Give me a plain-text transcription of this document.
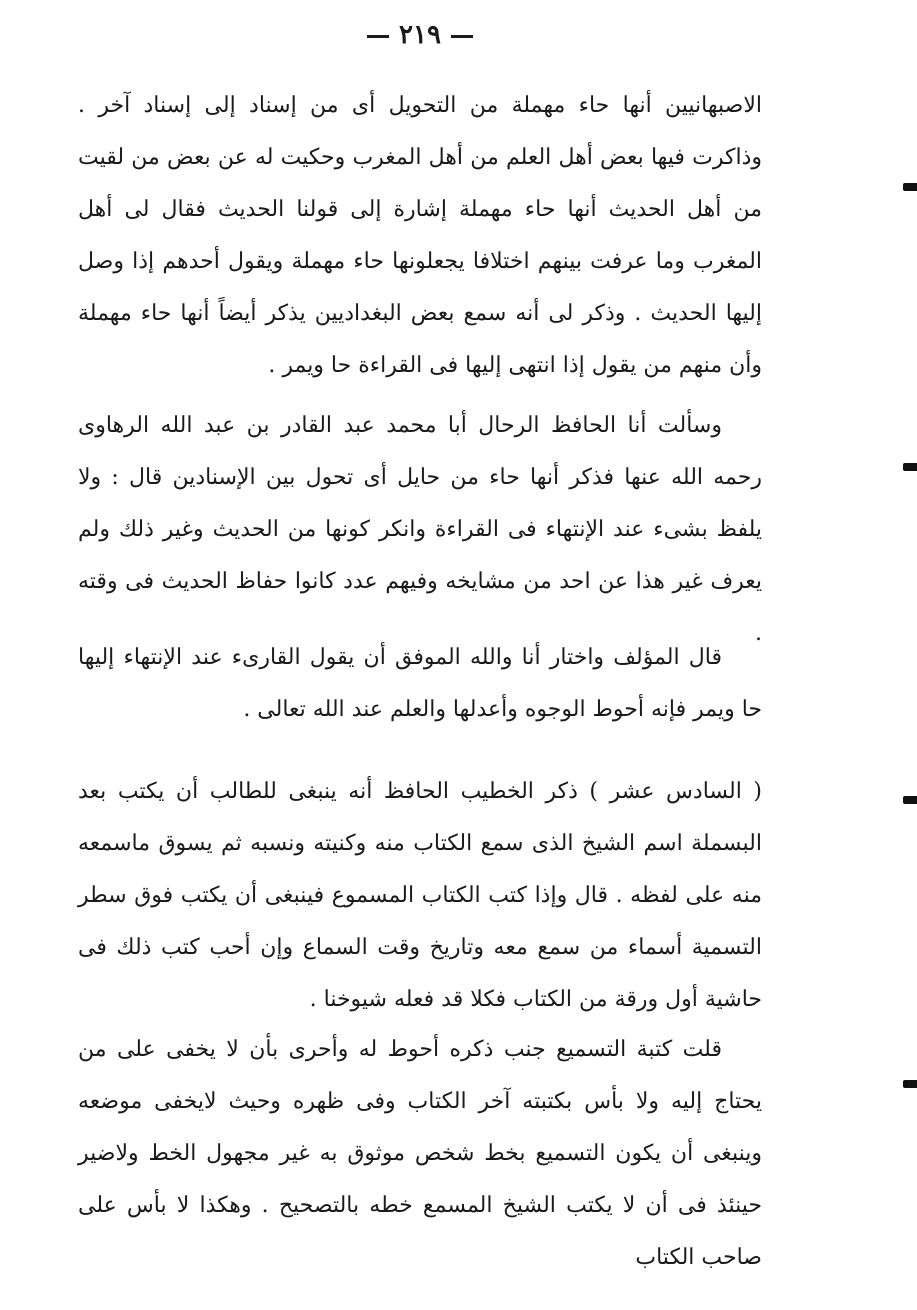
٢١٩

الاصبهانيين أنها حاء مهملة من التحويل أى من إسناد إلى إسناد آخر . وذاكرت فيها بعض أهل العلم من أهل المغرب وحكيت له عن بعض من لقيت من أهل الحديث أنها حاء مهملة إشارة إلى قولنا الحديث فقال لى أهل المغرب وما عرفت بينهم اختلافا يجعلونها حاء مهملة ويقول أحدهم إذا وصل إليها الحديث . وذكر لى أنه سمع بعض البغداديين يذكر أيضاً أنها حاء مهملة وأن منهم من يقول إذا انتهى إليها فى القراءة حا ويمر .

وسألت أنا الحافظ الرحال أبا محمد عبد القادر بن عبد الله الرهاوى رحمه الله عنها فذكر أنها حاء من حايل أى تحول بين الإسنادين قال : ولا يلفظ بشىء عند الإنتهاء فى القراءة وانكر كونها من الحديث وغير ذلك ولم يعرف غير هذا عن احد من مشايخه وفيهم عدد كانوا حفاظ الحديث فى وقته .

قال المؤلف واختار أنا والله الموفق أن يقول القارىء عند الإنتهاء إليها حا ويمر فإنه أحوط الوجوه وأعدلها والعلم عند الله تعالى .

( السادس عشر ) ذكر الخطيب الحافظ أنه ينبغى للطالب أن يكتب بعد البسملة اسم الشيخ الذى سمع الكتاب منه وكنيته ونسبه ثم يسوق ماسمعه منه على لفظه . قال وإذا كتب الكتاب المسموع فينبغى أن يكتب فوق سطر التسمية أسماء من سمع معه وتاريخ وقت السماع وإن أحب كتب ذلك فى حاشية أول ورقة من الكتاب فكلا قد فعله شيوخنا .

قلت كتبة التسميع جنب ذكره أحوط له وأحرى بأن لا يخفى على من يحتاج إليه ولا بأس بكتبته آخر الكتاب وفى ظهره وحيث لايخفى موضعه وينبغى أن يكون التسميع بخط شخص موثوق به غير مجهول الخط ولاضير حينئذ فى أن لا يكتب الشيخ المسمع خطه بالتصحيح . وهكذا لا بأس على صاحب الكتاب
